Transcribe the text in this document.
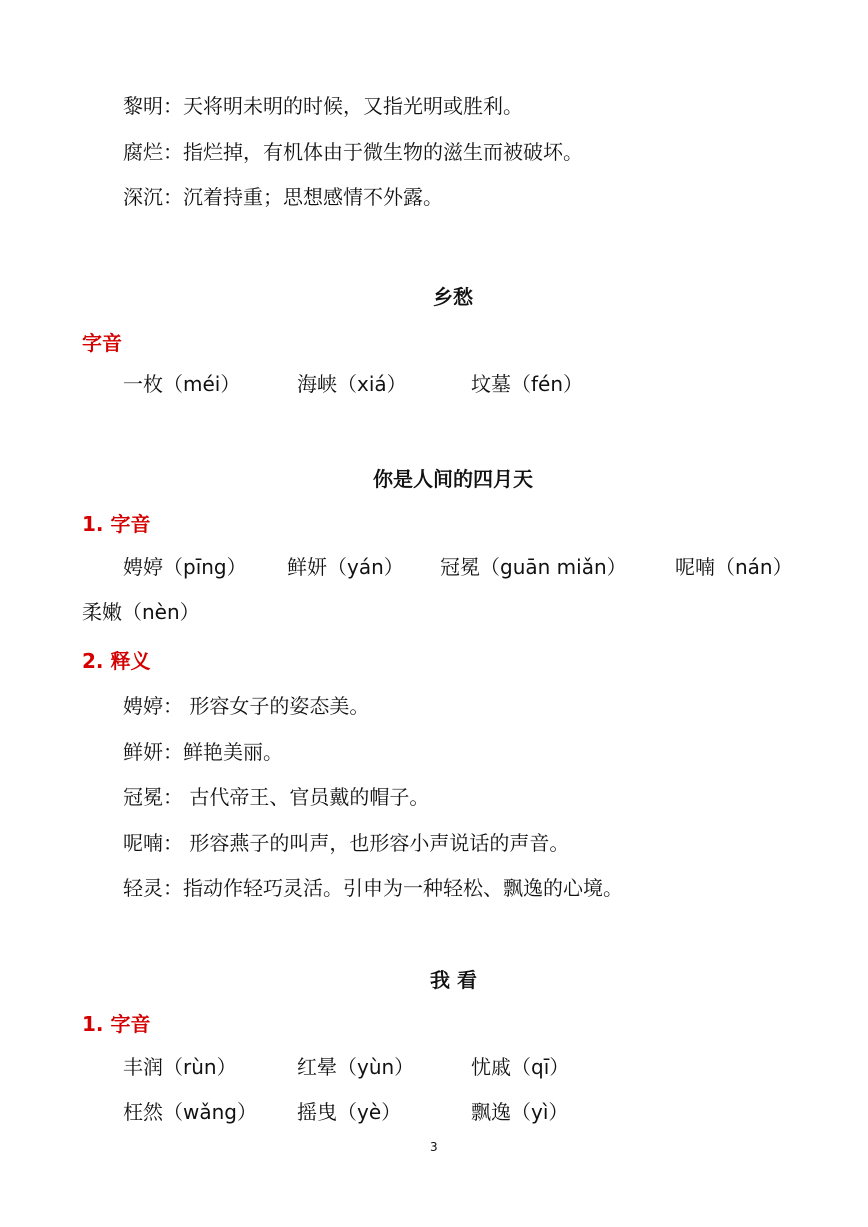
黎明：天将明未明的时候，又指光明或胜利。
腐烂：指烂掉，有机体由于微生物的滋生而被破坏。
深沉：沉着持重；思想感情不外露。
乡愁
字音
一枚（méi）	海峡（xiá）	坟墓（fén）
你是人间的四月天
1. 字音
娉婷（pīng） 鲜妍（yán） 冠冕（guān miǎn） 呢喃（nán）
柔嫩（nèn）
2. 释义
娉婷： 形容女子的姿态美。
鲜妍：鲜艳美丽。
冠冕： 古代帝王、官员戴的帽子。
呢喃： 形容燕子的叫声，也形容小声说话的声音。
轻灵：指动作轻巧灵活。引申为一种轻松、飘逸的心境。
我 看
1. 字音
丰润（rùn）	红晕（yùn）	忧戚（qī）
枉然（wǎng） 摇曳（yè）	飘逸（yì）
3
